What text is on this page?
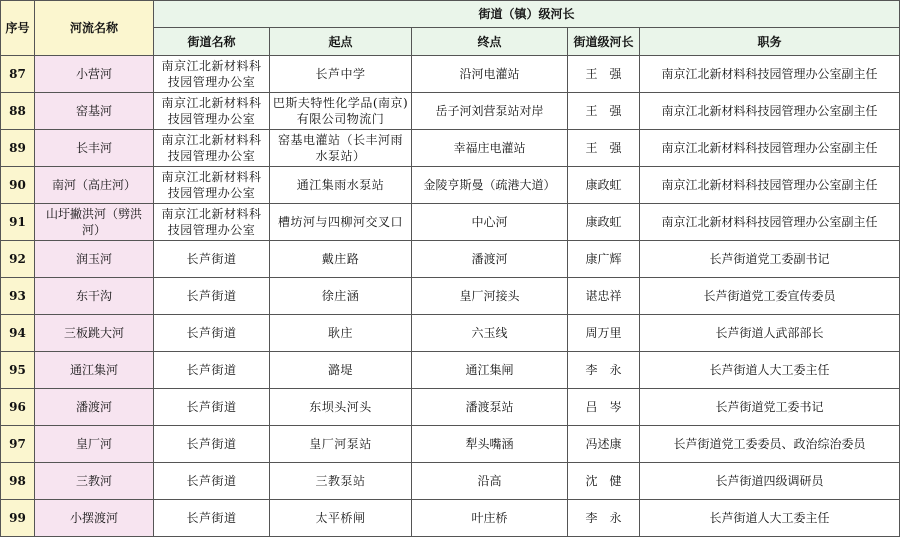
序号	河流名称	街道（镇）级河长				
		街道名称	起点	终点	街道级河长	职务
87	小营河	南京江北新材料科技园管理办公室	长芦中学	沿河电灌站	王　强	南京江北新材料科技园管理办公室副主任
88	窑基河	南京江北新材料科技园管理办公室	巴斯夫特性化学品(南京)有限公司物流门	岳子河刘营泵站对岸	王　强	南京江北新材料科技园管理办公室副主任
89	长丰河	南京江北新材料科技园管理办公室	窑基电灌站（长丰河雨水泵站）	幸福庄电灌站	王　强	南京江北新材料科技园管理办公室副主任
90	南河（高庄河）	南京江北新材料科技园管理办公室	通江集雨水泵站	金陵亨斯曼（疏港大道）	康政虹	南京江北新材料科技园管理办公室副主任
91	山圩撇洪河（劈洪河）	南京江北新材料科技园管理办公室	槽坊河与四柳河交叉口	中心河	康政虹	南京江北新材料科技园管理办公室副主任
92	润玉河	长芦街道	戴庄路	潘渡河	康广辉	长芦街道党工委副书记
93	东干沟	长芦街道	徐庄涵	皇厂河接头	谌忠祥	长芦街道党工委宣传委员
94	三板跳大河	长芦街道	耿庄	六玉线	周万里	长芦街道人武部部长
95	通江集河	长芦街道	潞堤	通江集闸	李　永	长芦街道人大工委主任
96	潘渡河	长芦街道	东坝头河头	潘渡泵站	吕　岑	长芦街道党工委书记
97	皇厂河	长芦街道	皇厂河泵站	犁头嘴涵	冯述康	长芦街道党工委委员、政治综治委员
98	三教河	长芦街道	三教泵站	沿高	沈　健	长芦街道四级调研员
99	小摆渡河	长芦街道	太平桥闸	叶庄桥	李　永	长芦街道人大工委主任
